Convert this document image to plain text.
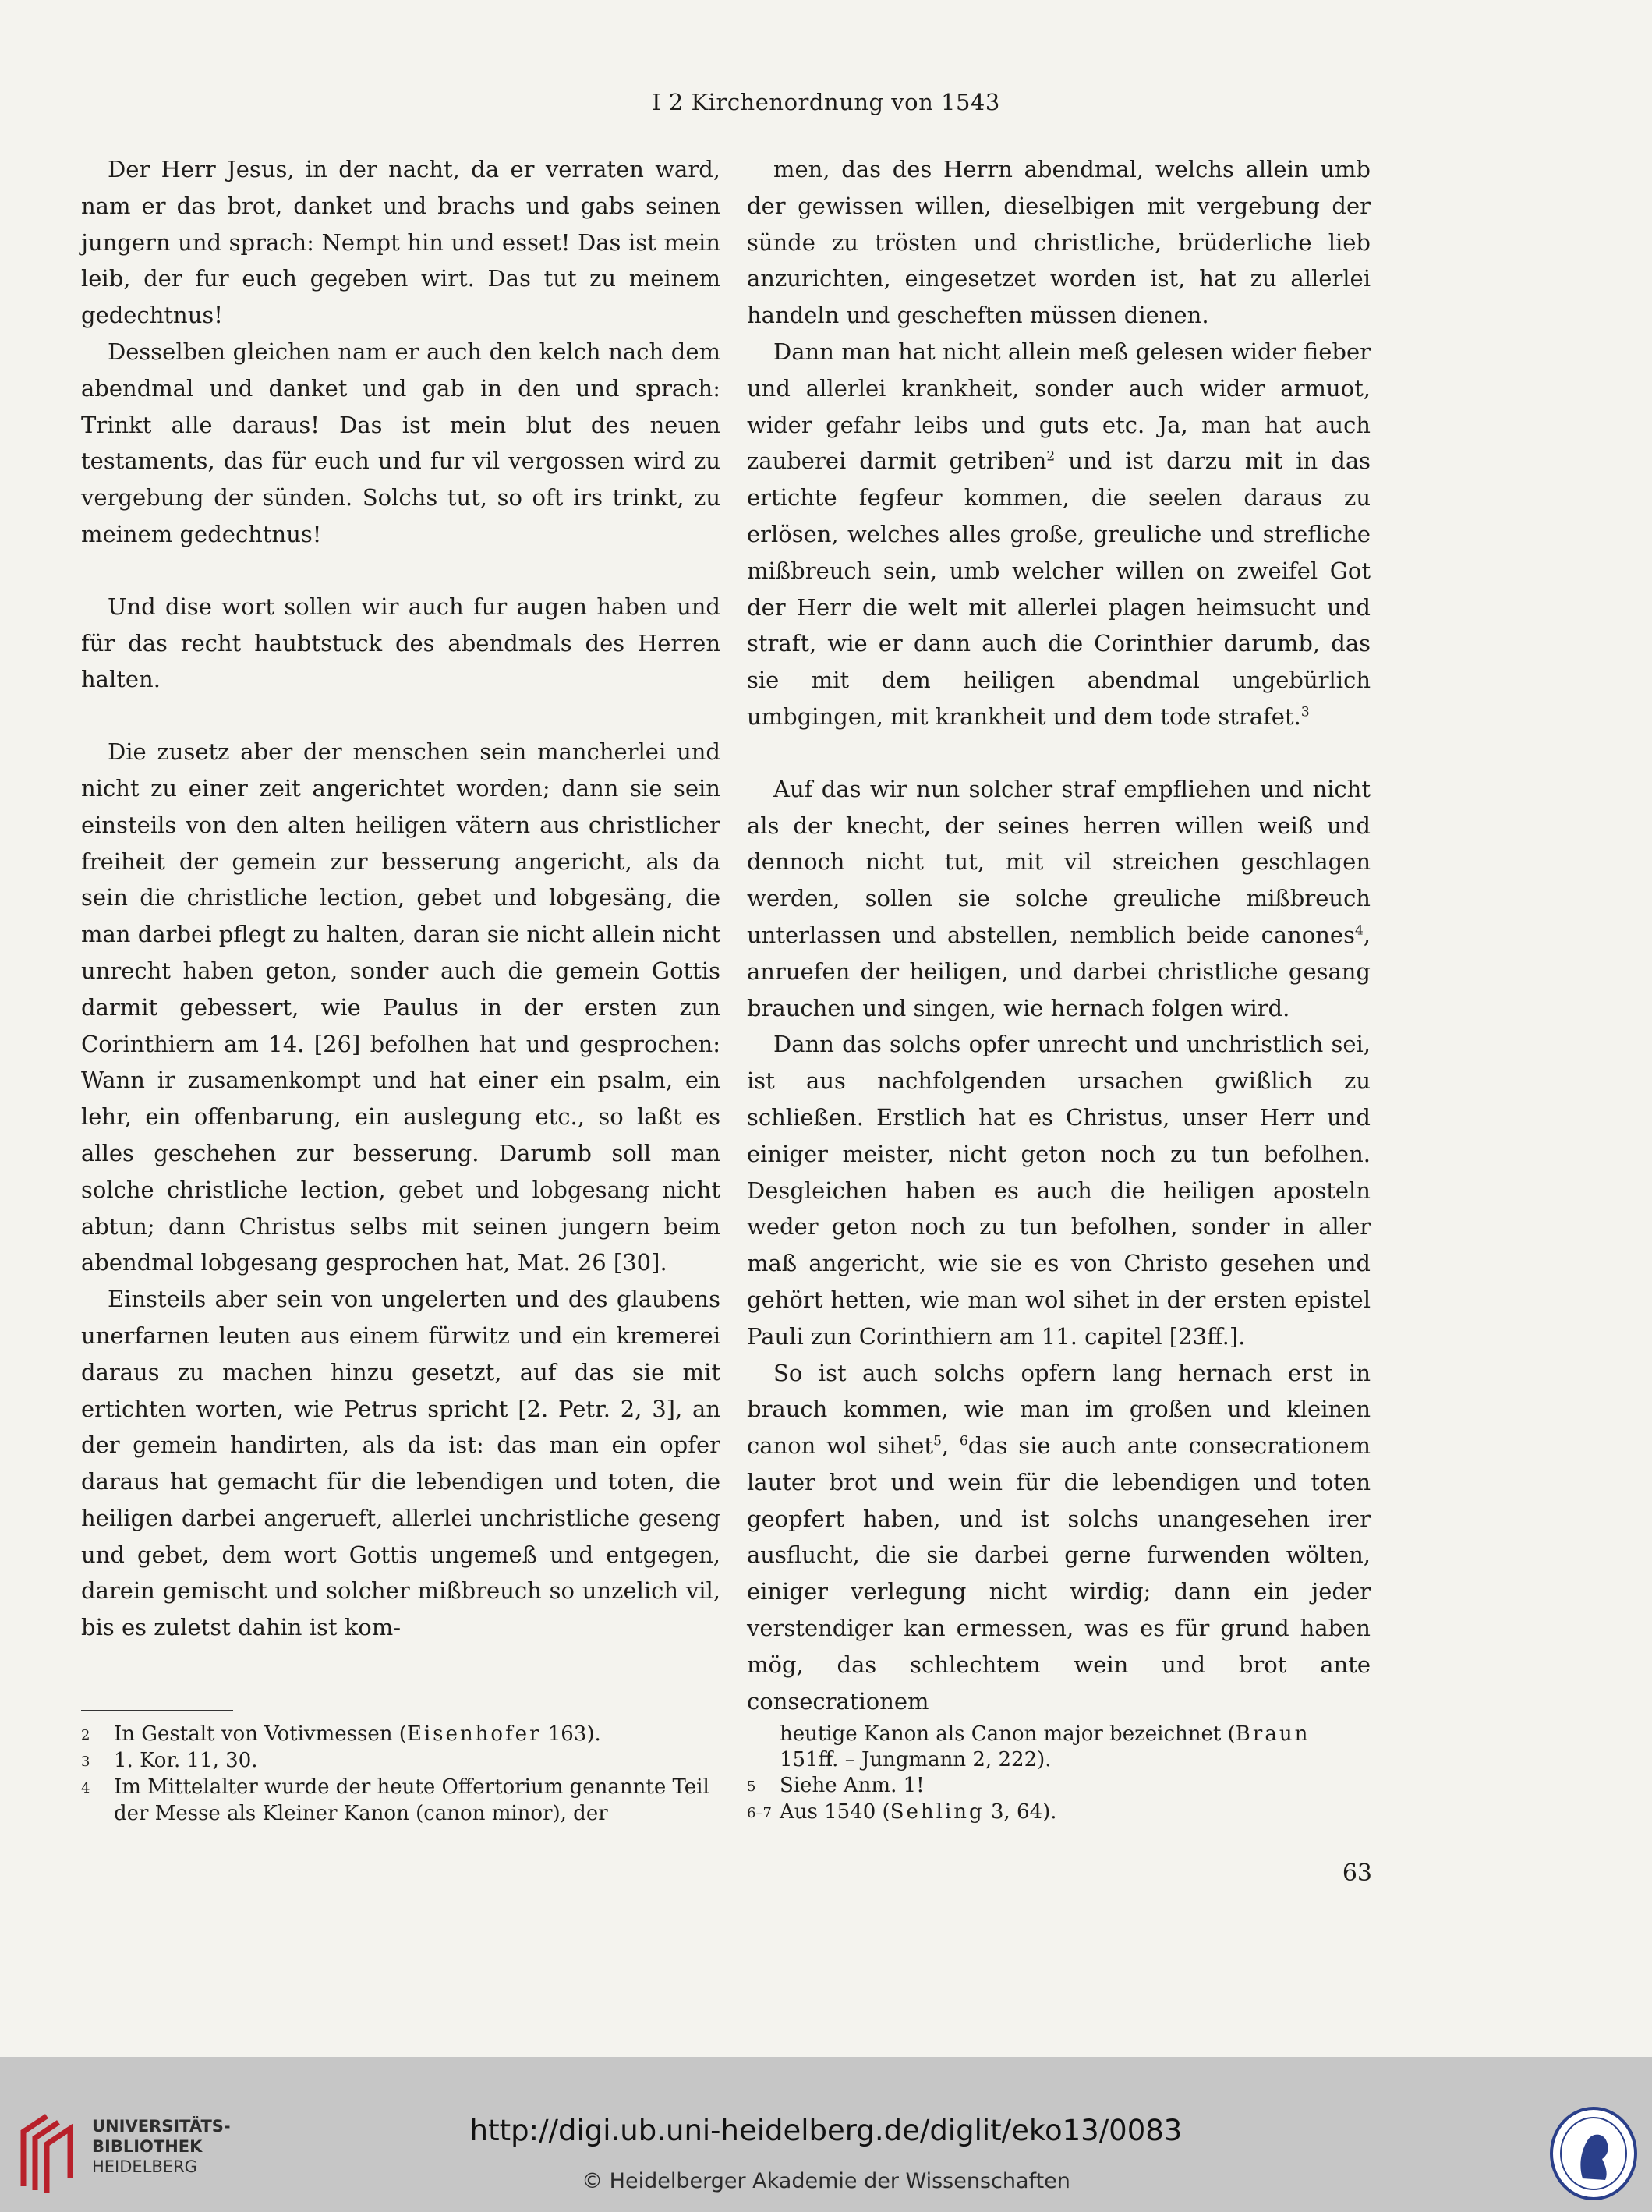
I 2 Kirchenordnung von 1543

Der Herr Jesus, in der nacht, da er verraten ward, nam er das brot, danket und brachs und gabs seinen jungern und sprach: Nempt hin und esset! Das ist mein leib, der fur euch gegeben wirt. Das tut zu meinem gedechtnus!

Desselben gleichen nam er auch den kelch nach dem abendmal und danket und gab in den und sprach: Trinkt alle daraus! Das ist mein blut des neuen testaments, das für euch und fur vil vergossen wird zu vergebung der sünden. Solchs tut, so oft irs trinkt, zu meinem gedechtnus!

Und dise wort sollen wir auch fur augen haben und für das recht haubtstuck des abendmals des Herren halten.

Die zusetz aber der menschen sein mancherlei und nicht zu einer zeit angerichtet worden; dann sie sein einsteils von den alten heiligen vätern aus christlicher freiheit der gemein zur besserung angericht, als da sein die christliche lection, gebet und lobgesäng, die man darbei pflegt zu halten, daran sie nicht allein nicht unrecht haben geton, sonder auch die gemein Gottis darmit gebessert, wie Paulus in der ersten zun Corinthiern am 14. [26] befolhen hat und gesprochen: Wann ir zusamenkompt und hat einer ein psalm, ein lehr, ein offenbarung, ein auslegung etc., so laßt es alles geschehen zur besserung. Darumb soll man solche christliche lection, gebet und lobgesang nicht abtun; dann Christus selbs mit seinen jungern beim abendmal lobgesang gesprochen hat, Mat. 26 [30].

Einsteils aber sein von ungelerten und des glaubens unerfarnen leuten aus einem fürwitz und ein kremerei daraus zu machen hinzu gesetzt, auf das sie mit ertichten worten, wie Petrus spricht [2. Petr. 2, 3], an der gemein handirten, als da ist: das man ein opfer daraus hat gemacht für die lebendigen und toten, die heiligen darbei angerueft, allerlei unchristliche geseng und gebet, dem wort Gottis ungemeß und entgegen, darein gemischt und solcher mißbreuch so unzelich vil, bis es zuletst dahin ist kom-

men, das des Herrn abendmal, welchs allein umb der gewissen willen, dieselbigen mit vergebung der sünde zu trösten und christliche, brüderliche lieb anzurichten, eingesetzet worden ist, hat zu allerlei handeln und gescheften müssen dienen.

Dann man hat nicht allein meß gelesen wider fieber und allerlei krankheit, sonder auch wider armuot, wider gefahr leibs und guts etc. Ja, man hat auch zauberei darmit getriben$^2$ und ist darzu mit in das ertichte fegfeur kommen, die seelen daraus zu erlösen, welches alles große, greuliche und strefliche mißbreuch sein, umb welcher willen on zweifel Got der Herr die welt mit allerlei plagen heimsucht und straft, wie er dann auch die Corinthier darumb, das sie mit dem heiligen abendmal ungebürlich umbgingen, mit krankheit und dem tode strafet.$^3$

Auf das wir nun solcher straf empfliehen und nicht als der knecht, der seines herren willen weiß und dennoch nicht tut, mit vil streichen geschlagen werden, sollen sie solche greuliche mißbreuch unterlassen und abstellen, nemblich beide canones$^4$, anruefen der heiligen, und darbei christliche gesang brauchen und singen, wie hernach folgen wird.

Dann das solchs opfer unrecht und unchristlich sei, ist aus nachfolgenden ursachen gwißlich zu schließen. Erstlich hat es Christus, unser Herr und einiger meister, nicht geton noch zu tun befolhen. Desgleichen haben es auch die heiligen aposteln weder geton noch zu tun befolhen, sonder in aller maß angericht, wie sie es von Christo gesehen und gehört hetten, wie man wol sihet in der ersten epistel Pauli zun Corinthiern am 11. capitel [23ff.].

So ist auch solchs opfern lang hernach erst in brauch kommen, wie man im großen und kleinen canon wol sihet$^5$, $^6$das sie auch ante consecrationem lauter brot und wein für die lebendigen und toten geopfert haben, und ist solchs unangesehen irer ausflucht, die sie darbei gerne furwenden wölten, einiger verlegung nicht wirdig; dann ein jeder verstendiger kan ermessen, was es für grund haben mög, das schlechtem wein und brot ante consecrationem

2 In Gestalt von Votivmessen (Eisenhofer 163).
3 1. Kor. 11, 30.
4 Im Mittelalter wurde der heute Offertorium genannte Teil der Messe als Kleiner Kanon (canon minor), der
heutige Kanon als Canon major bezeichnet (Braun 151ff. – Jungmann 2, 222).
5 Siehe Anm. 1!
6–7 Aus 1540 (Sehling 3, 64).
63
UNIVERSITÄTS-
BIBLIOTHEK
HEIDELBERG
http://digi.ub.uni-heidelberg.de/diglit/eko13/0083
© Heidelberger Akademie der Wissenschaften
